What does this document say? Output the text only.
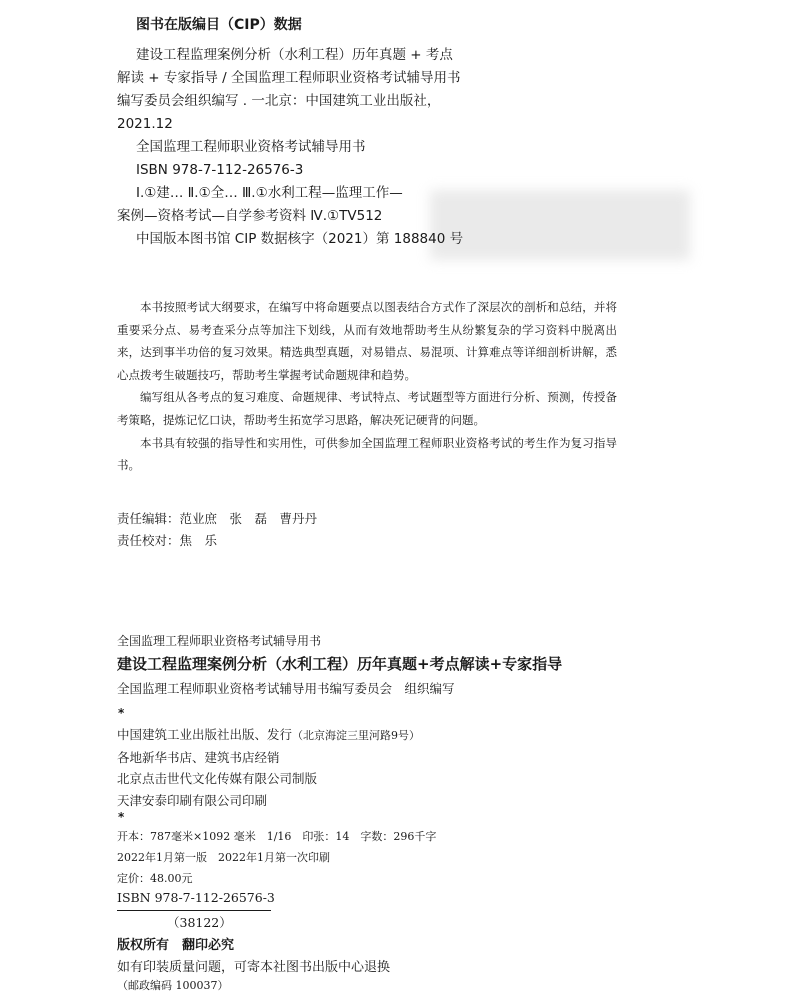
图书在版编目（CIP）数据
建设工程监理案例分析（水利工程）历年真题 + 考点
解读 + 专家指导 / 全国监理工程师职业资格考试辅导用书
编写委员会组织编写 . 一北京：中国建筑工业出版社，
2021.12
全国监理工程师职业资格考试辅导用书
ISBN 978-7-112-26576-3
Ⅰ.①建… Ⅱ.①全… Ⅲ.①水利工程—监理工作—
案例—资格考试—自学参考资料 Ⅳ.①TV512
中国版本图书馆 CIP 数据核字（2021）第 188840 号

本书按照考试大纲要求，在编写中将命题要点以图表结合方式作了深层次的剖析和总结，并将重要采分点、易考查采分点等加注下划线，从而有效地帮助考生从纷繁复杂的学习资料中脱离出来，达到事半功倍的复习效果。精选典型真题，对易错点、易混项、计算难点等详细剖析讲解，悉心点拨考生破题技巧，帮助考生掌握考试命题规律和趋势。

编写组从各考点的复习难度、命题规律、考试特点、考试题型等方面进行分析、预测，传授备考策略，提炼记忆口诀，帮助考生拓宽学习思路，解决死记硬背的问题。

本书具有较强的指导性和实用性，可供参加全国监理工程师职业资格考试的考生作为复习指导书。

责任编辑：范业庶　张　磊　曹丹丹
责任校对：焦　乐
全国监理工程师职业资格考试辅导用书
建设工程监理案例分析（水利工程）历年真题+考点解读+专家指导
全国监理工程师职业资格考试辅导用书编写委员会　组织编写
*
中国建筑工业出版社出版、发行（北京海淀三里河路9号）
各地新华书店、建筑书店经销
北京点击世代文化传媒有限公司制版
天津安泰印刷有限公司印刷
*
开本：787毫米×1092 毫米　1/16　印张：14　字数：296千字
2022年1月第一版　2022年1月第一次印刷
定价：48.00元
ISBN 978-7-112-26576-3
（38122）
版权所有　翻印必究
如有印装质量问题，可寄本社图书出版中心退换
（邮政编码 100037）
